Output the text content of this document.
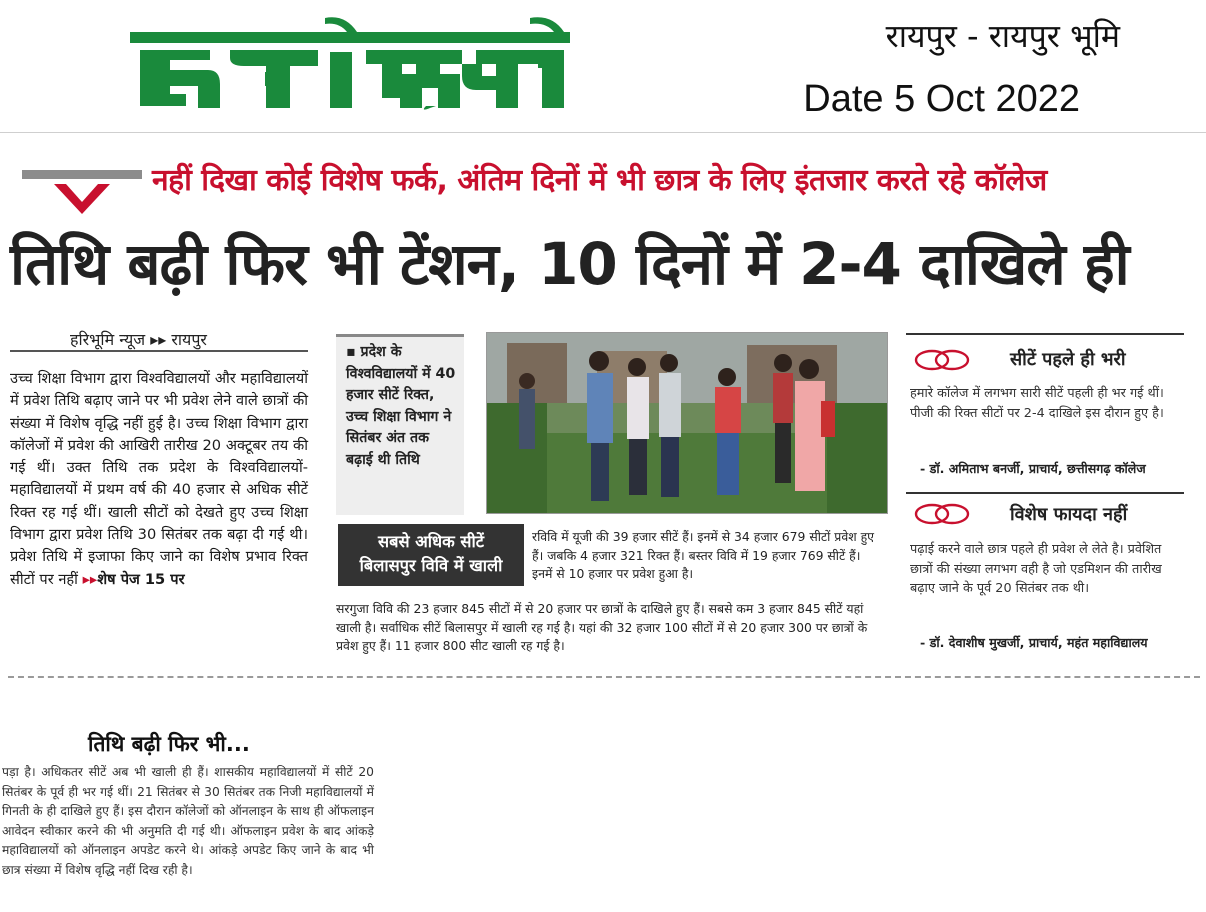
रायपुर - रायपुर भूमि
Date 5 Oct 2022
नहीं दिखा कोई विशेष फर्क, अंतिम दिनों में भी छात्र के लिए इंतजार करते रहे कॉलेज
तिथि बढ़ी फिर भी टेंशन, 10 दिनों में 2-4 दाखिले ही
हरिभूमि न्यूज ▸▸ रायपुर
उच्च शिक्षा विभाग द्वारा विश्वविद्यालयों और महाविद्यालयों में प्रवेश तिथि बढ़ाए जाने पर भी प्रवेश लेने वाले छात्रों की संख्या में विशेष वृद्धि नहीं हुई है। उच्च शिक्षा विभाग द्वारा कॉलेजों में प्रवेश की आखिरी तारीख 20 अक्टूबर तय की गई थीं। उक्त तिथि तक प्रदेश के विश्वविद्यालयों-महाविद्यालयों में प्रथम वर्ष की 40 हजार से अधिक सीटें रिक्त रह गई थीं। खाली सीटों को देखते हुए उच्च शिक्षा विभाग द्वारा प्रवेश तिथि 30 सितंबर तक बढ़ा दी गई थी। प्रवेश तिथि में इजाफा किए जाने का विशेष प्रभाव रिक्त सीटों पर नहीं ▸▸शेष पेज 15 पर
▪ प्रदेश के विश्वविद्यालयों में 40 हजार सीटें रिक्त, उच्च शिक्षा विभाग ने सितंबर अंत तक बढ़ाई थी तिथि
सबसे अधिक सीटें
बिलासपुर विवि में खाली
रविवि में यूजी की 39 हजार सीटें हैं। इनमें से 34 हजार 679 सीटों प्रवेश हुए हैं। जबकि 4 हजार 321 रिक्त हैं। बस्तर विवि में 19 हजार 769 सीटें हैं। इनमें से 10 हजार पर प्रवेश हुआ है।
सरगुजा विवि की 23 हजार 845 सीटों में से 20 हजार पर छात्रों के दाखिले हुए हैं। सबसे कम 3 हजार 845 सीटें यहां खाली है। सर्वाधिक सीटें बिलासपुर में खाली रह गई है। यहां की 32 हजार 100 सीटों में से 20 हजार 300 पर छात्रों के प्रवेश हुए हैं। 11 हजार 800 सीट खाली रह गई है।
सीटें पहले ही भरी
हमारे कॉलेज में लगभग सारी सीटें पहली ही भर गई थीं। पीजी की रिक्त सीटों पर 2-4 दाखिले इस दौरान हुए है।
- डॉ. अमिताभ बनर्जी, प्राचार्य, छत्तीसगढ़ कॉलेज
विशेष फायदा नहीं
पढ़ाई करने वाले छात्र पहले ही प्रवेश ले लेते है। प्रवेशित छात्रों की संख्या लगभग वही है जो एडमिशन की तारीख बढ़ाए जाने के पूर्व 20 सितंबर तक थी।
- डॉ. देवाशीष मुखर्जी, प्राचार्य, महंत महाविद्यालय
तिथि बढ़ी फिर भी...
पड़ा है। अधिकतर सीटें अब भी खाली ही हैं। शासकीय महाविद्यालयों में सीटें 20 सितंबर के पूर्व ही भर गई थीं। 21 सितंबर से 30 सितंबर तक निजी महाविद्यालयों में गिनती के ही दाखिले हुए हैं। इस दौरान कॉलेजों को ऑनलाइन के साथ ही ऑफलाइन आवेदन स्वीकार करने की भी अनुमति दी गई थी। ऑफलाइन प्रवेश के बाद आंकड़े महाविद्यालयों को ऑनलाइन अपडेट करने थे। आंकड़े अपडेट किए जाने के बाद भी छात्र संख्या में विशेष वृद्धि नहीं दिख रही है।
